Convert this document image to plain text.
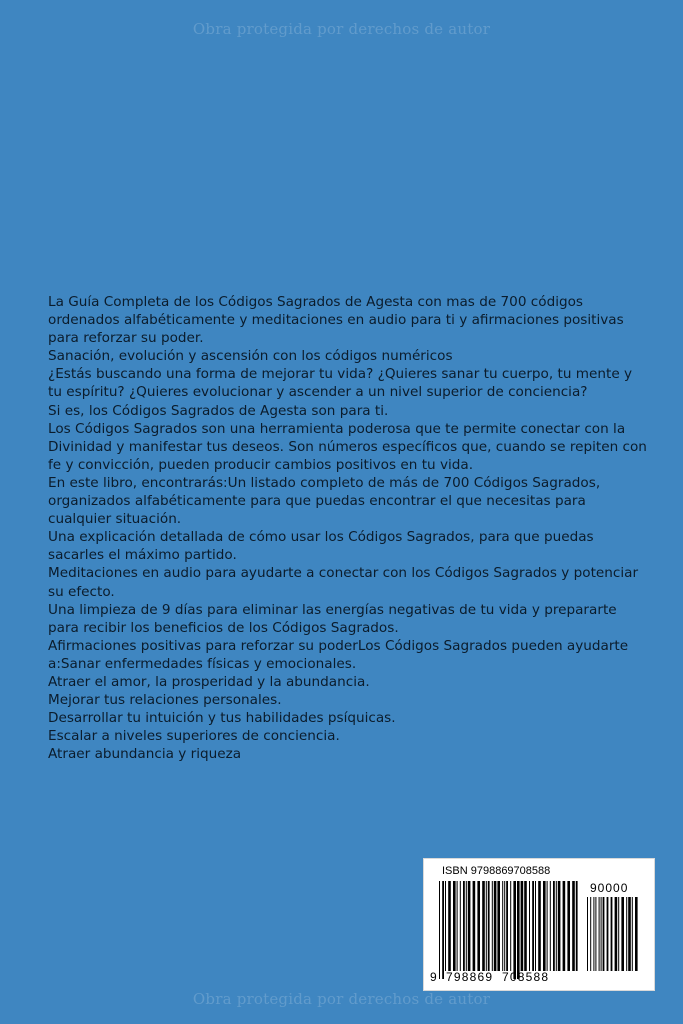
Obra protegida por derechos de autor

La Guía Completa de los Códigos Sagrados de Agesta con mas de 700 códigos ordenados alfabéticamente y meditaciones en audio para ti y afirmaciones positivas para reforzar su poder.

Sanación, evolución y ascensión con los códigos numéricos

¿Estás buscando una forma de mejorar tu vida? ¿Quieres sanar tu cuerpo, tu mente y tu espíritu? ¿Quieres evolucionar y ascender a un nivel superior de conciencia?

Si es, los Códigos Sagrados de Agesta son para ti.

Los Códigos Sagrados son una herramienta poderosa que te permite conectar con la Divinidad y manifestar tus deseos. Son números específicos que, cuando se repiten con fe y convicción, pueden producir cambios positivos en tu vida.

En este libro, encontrarás:Un listado completo de más de 700 Códigos Sagrados, organizados alfabéticamente para que puedas encontrar el que necesitas para cualquier situación.

Una explicación detallada de cómo usar los Códigos Sagrados, para que puedas sacarles el máximo partido.

Meditaciones en audio para ayudarte a conectar con los Códigos Sagrados y potenciar su efecto.

Una limpieza de 9 días para eliminar las energías negativas de tu vida y prepararte para recibir los beneficios de los Códigos Sagrados.

Afirmaciones positivas para reforzar su poderLos Códigos Sagrados pueden ayudarte a:Sanar enfermedades físicas y emocionales.

Atraer el amor, la prosperidad y la abundancia.

Mejorar tus relaciones personales.

Desarrollar tu intuición y tus habilidades psíquicas.

Escalar a niveles superiores de conciencia.

Atraer abundancia y riqueza

ISBN 9798869708588
90000
9 798869 708588
Obra protegida por derechos de autor
